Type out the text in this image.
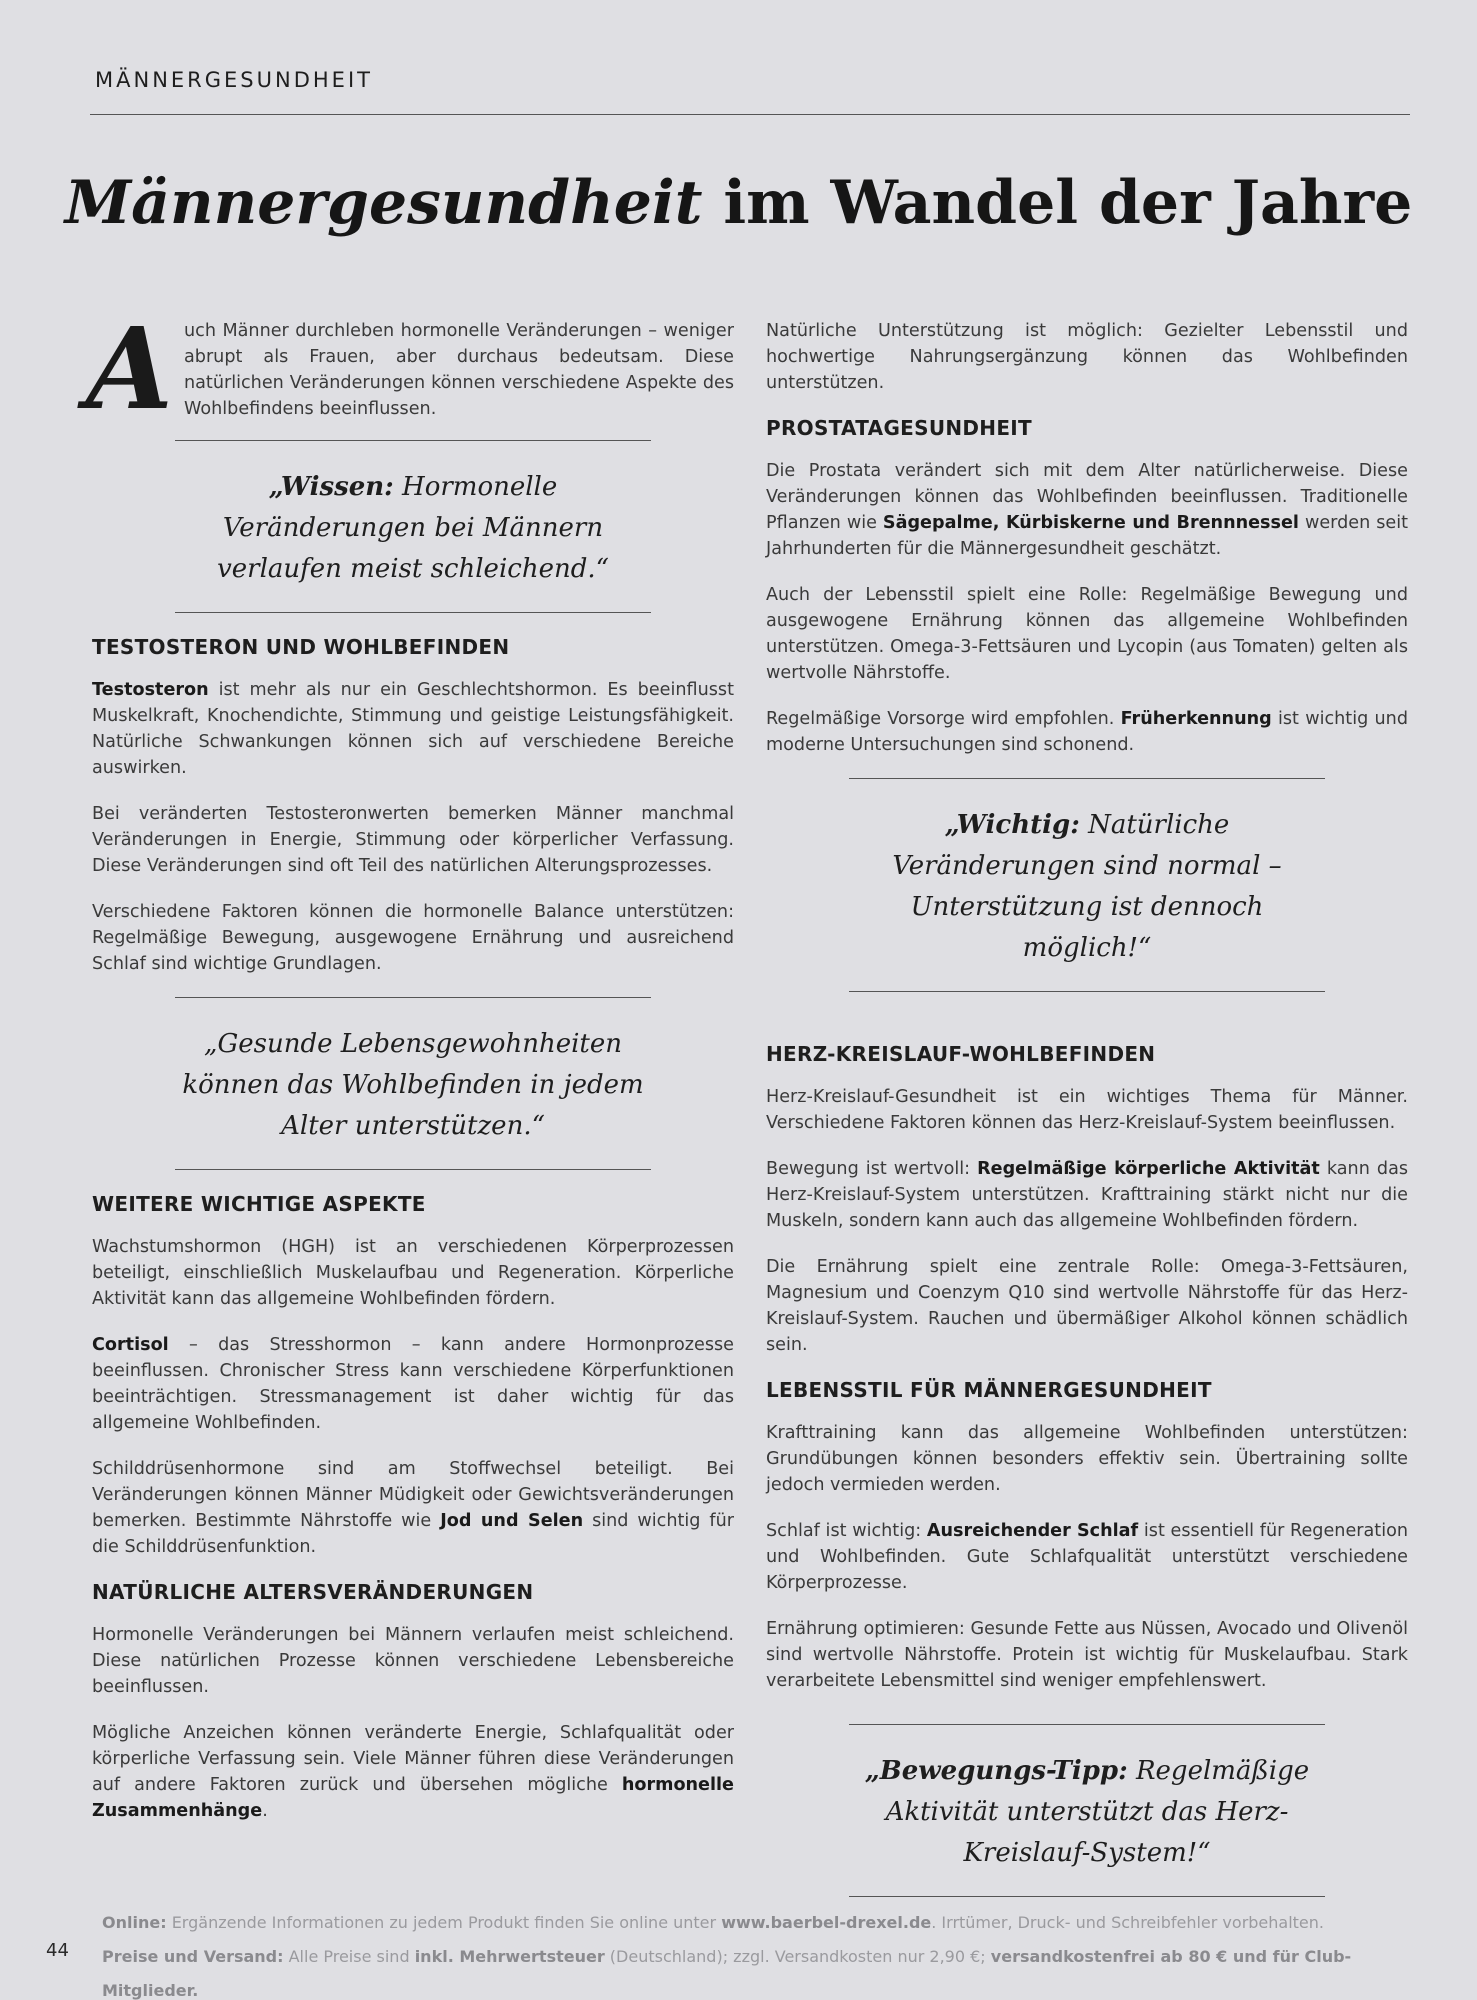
MÄNNERGESUNDHEIT
Männergesundheit im Wandel der Jahre
A uch Männer durchleben hormonelle Veränderungen – weniger abrupt als Frauen, aber durchaus bedeutsam. Diese natürlichen Veränderungen können verschiedene Aspekte des Wohlbefindens beeinflussen.

„Wissen: Hormonelle Veränderungen bei Männern verlaufen meist schleichend.“
TESTOSTERON UND WOHLBEFINDEN

Testosteron ist mehr als nur ein Geschlechtshormon. Es beeinflusst Muskelkraft, Knochendichte, Stimmung und geistige Leistungsfähigkeit. Natürliche Schwankungen können sich auf verschiedene Bereiche auswirken.

Bei veränderten Testosteronwerten bemerken Männer manchmal Veränderungen in Energie, Stimmung oder körperlicher Verfassung. Diese Veränderungen sind oft Teil des natürlichen Alterungsprozesses.

Verschiedene Faktoren können die hormonelle Balance unterstützen: Regelmäßige Bewegung, ausgewogene Ernährung und ausreichend Schlaf sind wichtige Grundlagen.

„Gesunde Lebensgewohnheiten können das Wohlbefinden in jedem Alter unterstützen.“
WEITERE WICHTIGE ASPEKTE

Wachstumshormon (HGH) ist an verschiedenen Körperprozessen beteiligt, einschließlich Muskelaufbau und Regeneration. Körperliche Aktivität kann das allgemeine Wohlbefinden fördern.

Cortisol – das Stresshormon – kann andere Hormonprozesse beeinflussen. Chronischer Stress kann verschiedene Körperfunktionen beeinträchtigen. Stressmanagement ist daher wichtig für das allgemeine Wohlbefinden.

Schilddrüsenhormone sind am Stoffwechsel beteiligt. Bei Veränderungen können Männer Müdigkeit oder Gewichtsveränderungen bemerken. Bestimmte Nährstoffe wie Jod und Selen sind wichtig für die Schilddrüsenfunktion.

NATÜRLICHE ALTERSVERÄNDERUNGEN

Hormonelle Veränderungen bei Männern verlaufen meist schleichend. Diese natürlichen Prozesse können verschiedene Lebensbereiche beeinflussen.

Mögliche Anzeichen können veränderte Energie, Schlafqualität oder körperliche Verfassung sein. Viele Männer führen diese Veränderungen auf andere Faktoren zurück und übersehen mögliche hormonelle Zusammenhänge.

Natürliche Unterstützung ist möglich: Gezielter Lebensstil und hochwertige Nahrungsergänzung können das Wohlbefinden unterstützen.

PROSTATAGESUNDHEIT

Die Prostata verändert sich mit dem Alter natürlicherweise. Diese Veränderungen können das Wohlbefinden beeinflussen. Traditionelle Pflanzen wie Sägepalme, Kürbiskerne und Brennnessel werden seit Jahrhunderten für die Männergesundheit geschätzt.

Auch der Lebensstil spielt eine Rolle: Regelmäßige Bewegung und ausgewogene Ernährung können das allgemeine Wohlbefinden unterstützen. Omega-3-Fettsäuren und Lycopin (aus Tomaten) gelten als wertvolle Nährstoffe.

Regelmäßige Vorsorge wird empfohlen. Früherkennung ist wichtig und moderne Untersuchungen sind schonend.

„Wichtig: Natürliche Veränderungen sind normal – Unterstützung ist dennoch möglich!“
HERZ-KREISLAUF-WOHLBEFINDEN

Herz-Kreislauf-Gesundheit ist ein wichtiges Thema für Männer. Verschiedene Faktoren können das Herz-Kreislauf-System beeinflussen.

Bewegung ist wertvoll: Regelmäßige körperliche Aktivität kann das Herz-Kreislauf-System unterstützen. Krafttraining stärkt nicht nur die Muskeln, sondern kann auch das allgemeine Wohlbefinden fördern.

Die Ernährung spielt eine zentrale Rolle: Omega-3-Fettsäuren, Magnesium und Coenzym Q10 sind wertvolle Nährstoffe für das Herz-Kreislauf-System. Rauchen und übermäßiger Alkohol können schädlich sein.

LEBENSSTIL FÜR MÄNNERGESUNDHEIT

Krafttraining kann das allgemeine Wohlbefinden unterstützen: Grundübungen können besonders effektiv sein. Übertraining sollte jedoch vermieden werden.

Schlaf ist wichtig: Ausreichender Schlaf ist essentiell für Regeneration und Wohlbefinden. Gute Schlafqualität unterstützt verschiedene Körperprozesse.

Ernährung optimieren: Gesunde Fette aus Nüssen, Avocado und Olivenöl sind wertvolle Nährstoffe. Protein ist wichtig für Muskelaufbau. Stark verarbeitete Lebensmittel sind weniger empfehlenswert.

„Bewegungs-Tipp: Regelmäßige Aktivität unterstützt das Herz-Kreislauf-System!“
Online: Ergänzende Informationen zu jedem Produkt finden Sie online unter www.baerbel-drexel.de. Irrtümer, Druck- und Schreibfehler vorbehalten.
Preise und Versand: Alle Preise sind inkl. Mehrwertsteuer (Deutschland); zzgl. Versandkosten nur 2,90 €; versandkostenfrei ab 80 € und für Club-Mitglieder.
44
